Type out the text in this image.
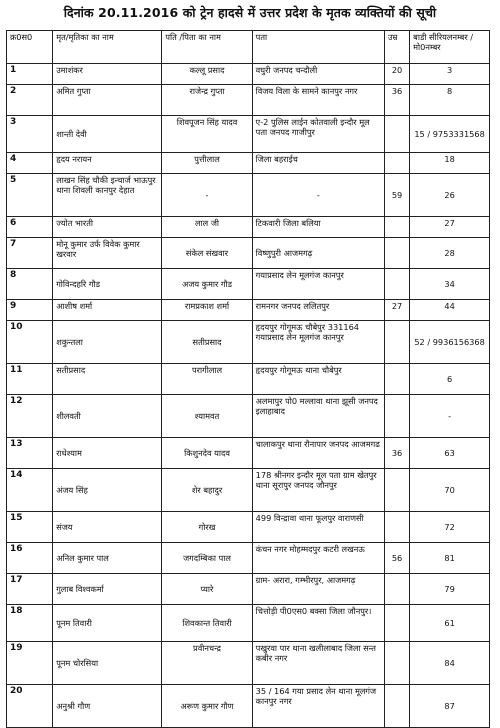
दिनांक 20.11.2016 को ट्रेन हादसे में उत्तर प्रदेश के मृतक व्यक्तियों की सूची
क्र0स0	मृत/मृतिका का नाम	पति /पिता का नाम	पता	उम्र	बाडी सीरियलनम्बर / मो0नम्बर
1	उमाशंकर	कल्लू प्रसाद	वघुरी जनपद चन्दौली	20	3
2	अमित गुप्ता	राजेन्द्र गुप्ता	विजय विला के सामने कानपुर नगर	36	8
3	शान्ती देवी	शिवपूजन सिंह यादव	ए-2 पुलिस लाईन कोतवाली इन्दौर मूल पता जनपद गाजीपुर		15 / 9753331568
4	हृदय नरायन	पुत्तीलाल	जिला बहराईच		18
5	लाखन सिंह चौकी इन्चार्ज भाऊपुर थाना शिवली कानपुर देहात	-	-	59	26
6	ज्योत भारती	लाल जी	टिकवारी जिला बलिया		27
7	मोनू कुमार उर्फ विवेक कुमार खरवार	संकेल संखवार	विष्णुपुरी आजमगढ़		28
8	गोविन्दहरि गौड	अजय कुमार गौड	गयाप्रसाद लेन मूलगंज कानपुर		34
9	आशीष शर्मा	रामप्रकाश शर्मा	रामनगर जनपद ललितपुर	27	44
10	शकुन्तला	सतीप्रसाद	हृदयपुर गोगूमऊ चौबेपुर 331164 गयाप्रसाद लेन मूलगंज कानपुर		52 / 9936156368
11	सतीप्रसाद	परागीलाल	हृदयपुर गोगूमऊ थाना चौबेपुर		6
12	शीलवती	श्यामवत	अलमापुर पो0 मल्लावा थाना झूसी जनपद इलाहाबाद		-
13	राधेश्याम	किशुनदेव यादव	चालाकपुर थाना रौनापार जनपद आजमगढ	36	63
14	अंजय सिंह	शेर बहादुर	178 श्रीनगर इन्दौर मूल पता ग्राम खेतपुर थाना सूरापुर जनपद जौनपुर		70
15	संजय	गोरख	499 विन्द्रावा थाना फूलपुर वाराणसी		72
16	अनिल कुमार पाल	जगदम्बिका पाल	कंचन नगर मोहम्मदपुर कटरी लखनऊ	56	81
17	गुलाब विश्वकर्मा	प्यारे	ग्राम- अरारा, गम्भीरपुर, आजमगढ़		79
18	पूनम तिवारी	शिवकान्त तिवारी	चित्तोड़ी पी0एस0 बक्सा जिला जौनपुर।		61
19	पूनम चोरसिया	प्रवीनचन्द्र	पखुरवा पार थाना खलीलाबाद जिला सन्त कबीर नगर		84
20	अनुश्री गौण	अरूण कुमार गौण	35 / 164 गया प्रसाद लेन थाना मूलगंज कानपुर नगर		87
